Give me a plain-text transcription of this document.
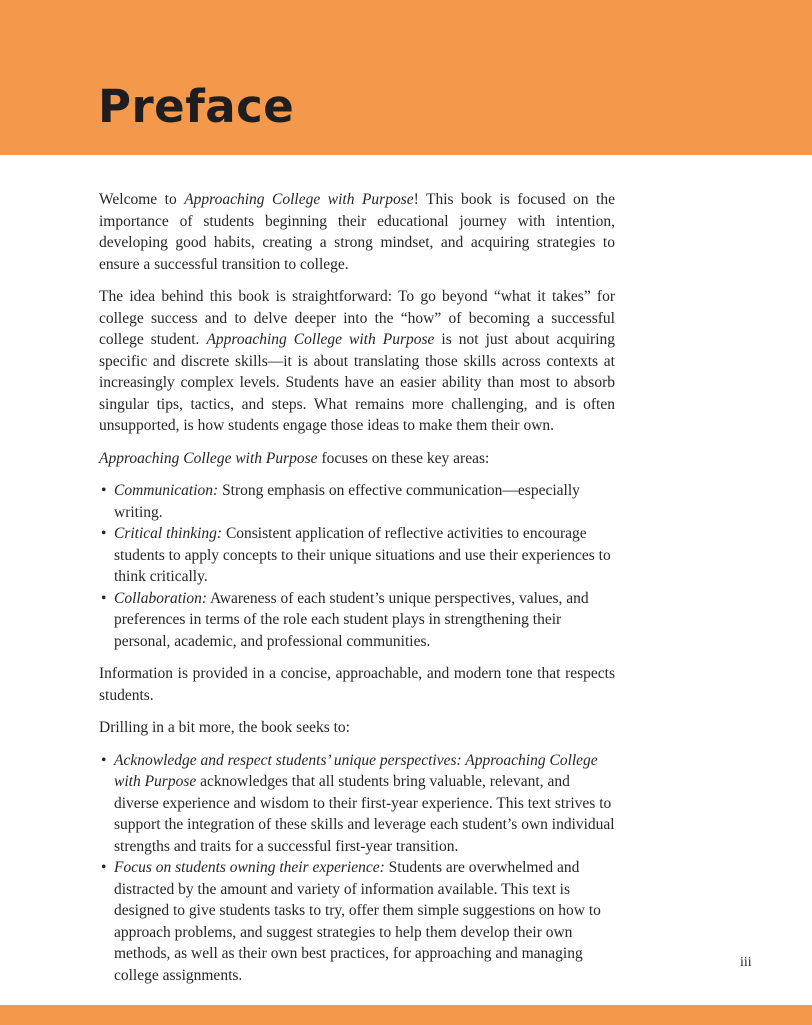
Preface

Welcome to Approaching College with Purpose! This book is focused on the importance of students beginning their educational journey with intention, developing good habits, creating a strong mindset, and acquiring strategies to ensure a successful transition to college.

The idea behind this book is straightforward: To go beyond “what it takes” for college success and to delve deeper into the “how” of becoming a successful college student. Approaching College with Purpose is not just about acquiring specific and discrete skills—it is about translating those skills across contexts at increasingly complex levels. Students have an easier ability than most to absorb singular tips, tactics, and steps. What remains more challenging, and is often unsupported, is how students engage those ideas to make them their own.

Approaching College with Purpose focuses on these key areas:

• Communication: Strong emphasis on effective communication—especially writing.
• Critical thinking: Consistent application of reflective activities to encourage students to apply concepts to their unique situations and use their experiences to think critically.
• Collaboration: Awareness of each student’s unique perspectives, values, and preferences in terms of the role each student plays in strengthening their personal, academic, and professional communities.

Information is provided in a concise, approachable, and modern tone that respects students.

Drilling in a bit more, the book seeks to:

• Acknowledge and respect students’ unique perspectives: Approaching College with Purpose acknowledges that all students bring valuable, relevant, and diverse experience and wisdom to their first-year experience. This text strives to support the integration of these skills and leverage each student’s own individual strengths and traits for a successful first-year transition.
• Focus on students owning their experience: Students are overwhelmed and distracted by the amount and variety of information available. This text is designed to give students tasks to try, offer them simple suggestions on how to approach problems, and suggest strategies to help them develop their own methods, as well as their own best practices, for approaching and managing college assignments.
iii
